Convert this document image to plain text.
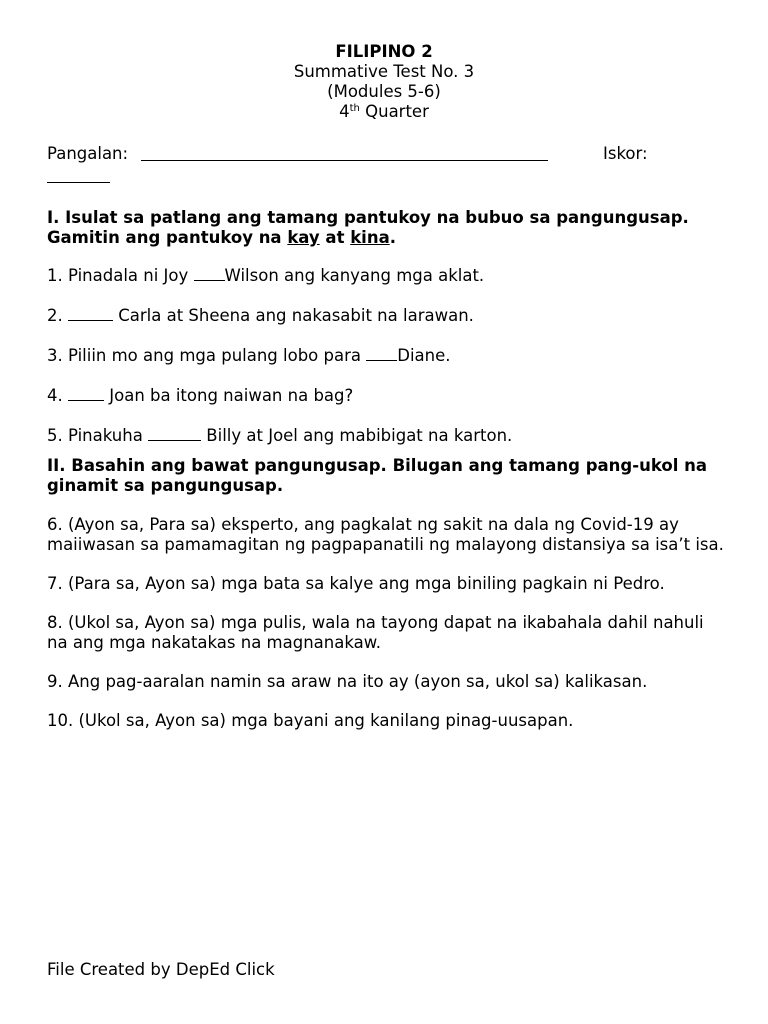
FILIPINO 2
Summative Test No. 3
(Modules 5-6)
4th Quarter
Pangalan:	Iskor:
I. Isulat sa patlang ang tamang pantukoy na bubuo sa pangungusap. Gamitin ang pantukoy na kay at kina.
1. Pinadala ni Joy Wilson ang kanyang mga aklat.
2.	Carla at Sheena ang nakasabit na larawan.
3. Piliin mo ang mga pulang lobo para Diane.
4.  Joan ba itong naiwan na bag?
5. Pinakuha	Billy at Joel ang mabibigat na karton.
II. Basahin ang bawat pangungusap. Bilugan ang tamang pang-ukol na ginamit sa pangungusap.
6. (Ayon sa, Para sa) eksperto, ang pagkalat ng sakit na dala ng Covid-19 ay maiiwasan sa pamamagitan ng pagpapanatili ng malayong distansiya sa isa’t isa.
7. (Para sa, Ayon sa) mga bata sa kalye ang mga biniling pagkain ni Pedro.
8. (Ukol sa, Ayon sa) mga pulis, wala na tayong dapat na ikabahala dahil nahuli na ang mga nakatakas na magnanakaw.
9. Ang pag-aaralan namin sa araw na ito ay (ayon sa, ukol sa) kalikasan.
10. (Ukol sa, Ayon sa) mga bayani ang kanilang pinag-uusapan.
File Created by DepEd Click
